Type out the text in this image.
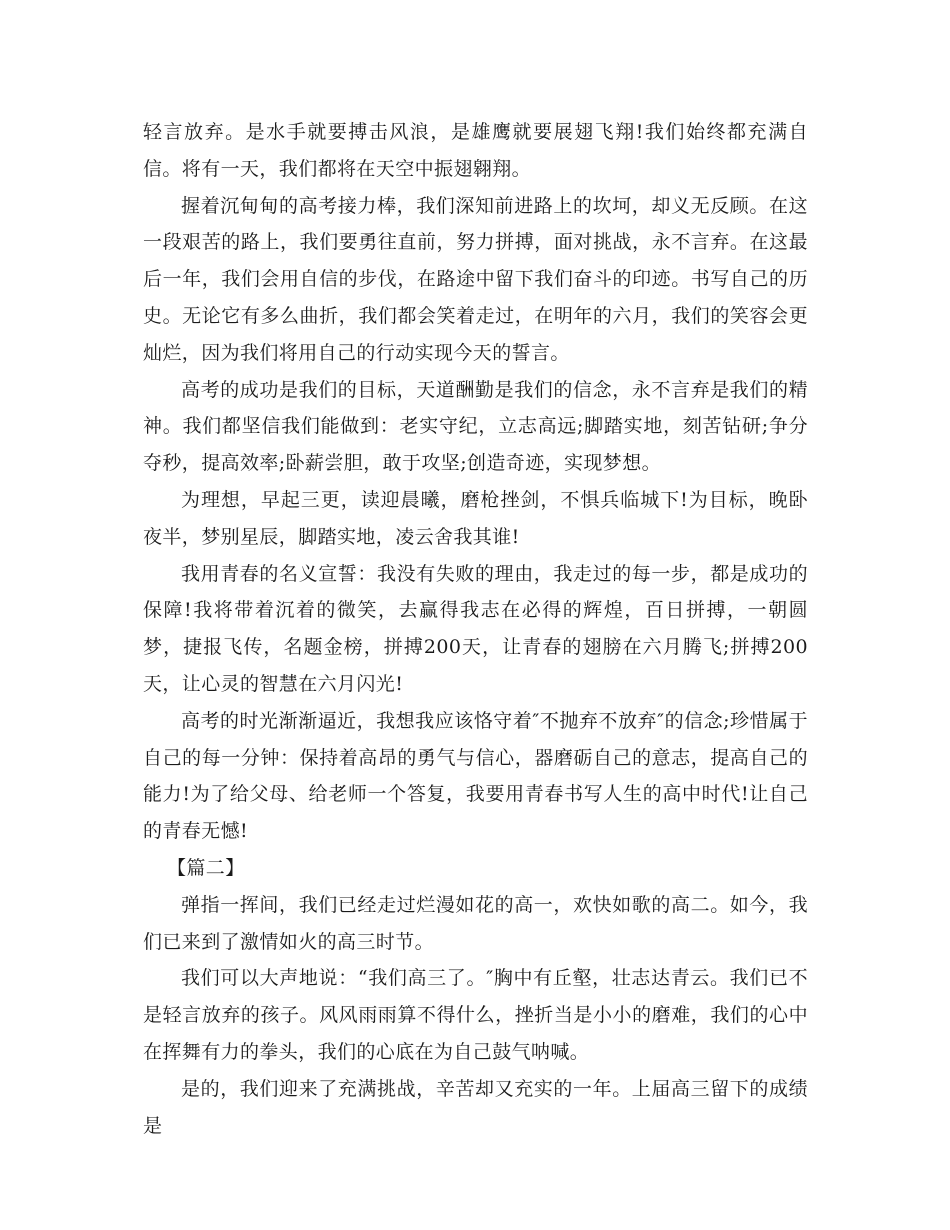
轻言放弃。是水手就要搏击风浪，是雄鹰就要展翅飞翔!我们始终都充满自信。将有一天，我们都将在天空中振翅翱翔。

握着沉甸甸的高考接力棒，我们深知前进路上的坎坷，却义无反顾。在这一段艰苦的路上，我们要勇往直前，努力拼搏，面对挑战，永不言弃。在这最后一年，我们会用自信的步伐，在路途中留下我们奋斗的印迹。书写自己的历史。无论它有多么曲折，我们都会笑着走过，在明年的六月，我们的笑容会更灿烂，因为我们将用自己的行动实现今天的誓言。

高考的成功是我们的目标，天道酬勤是我们的信念，永不言弃是我们的精神。我们都坚信我们能做到：老实守纪，立志高远;脚踏实地，刻苦钻研;争分夺秒，提高效率;卧薪尝胆，敢于攻坚;创造奇迹，实现梦想。

为理想，早起三更，读迎晨曦，磨枪挫剑，不惧兵临城下!为目标，晚卧夜半，梦别星辰，脚踏实地，凌云舍我其谁!

我用青春的名义宣誓：我没有失败的理由，我走过的每一步，都是成功的保障!我将带着沉着的微笑，去赢得我志在必得的辉煌，百日拼搏，一朝圆梦，捷报飞传，名题金榜，拼搏200天，让青春的翅膀在六月腾飞;拼搏200天，让心灵的智慧在六月闪光!

高考的时光渐渐逼近，我想我应该恪守着″不抛弃不放弃″的信念;珍惜属于自己的每一分钟：保持着高昂的勇气与信心，器磨砺自己的意志，提高自己的能力!为了给父母、给老师一个答复，我要用青春书写人生的高中时代!让自己的青春无憾!

【篇二】

弹指一挥间，我们已经走过烂漫如花的高一，欢快如歌的高二。如今，我们已来到了激情如火的高三时节。

我们可以大声地说：“我们高三了。″胸中有丘壑，壮志达青云。我们已不是轻言放弃的孩子。风风雨雨算不得什么，挫折当是小小的磨难，我们的心中在挥舞有力的拳头，我们的心底在为自己鼓气呐喊。

是的，我们迎来了充满挑战，辛苦却又充实的一年。上届高三留下的成绩是
